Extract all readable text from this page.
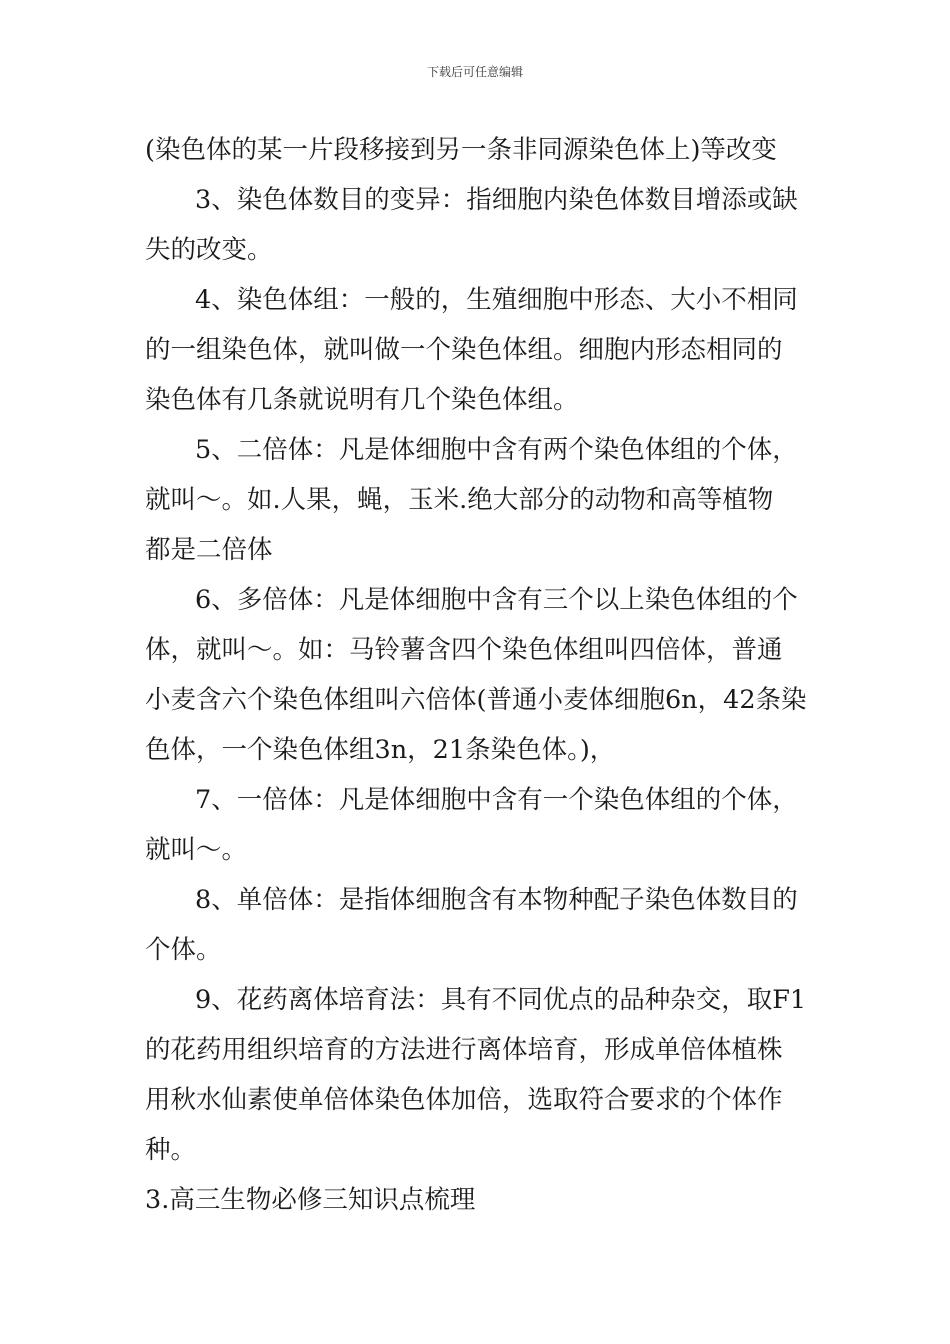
下载后可任意编辑
(染色体的某一片段移接到另一条非同源染色体上)等改变
3、染色体数目的变异：指细胞内染色体数目增添或缺
失的改变。
4、染色体组：一般的，生殖细胞中形态、大小不相同
的一组染色体，就叫做一个染色体组。细胞内形态相同的
染色体有几条就说明有几个染色体组。
5、二倍体：凡是体细胞中含有两个染色体组的个体，
就叫～。如.人果，蝇，玉米.绝大部分的动物和高等植物
都是二倍体
6、多倍体：凡是体细胞中含有三个以上染色体组的个
体，就叫～。如：马铃薯含四个染色体组叫四倍体，普通
小麦含六个染色体组叫六倍体(普通小麦体细胞6n，42条染
色体，一个染色体组3n，21条染色体。)，
7、一倍体：凡是体细胞中含有一个染色体组的个体，
就叫～。
8、单倍体：是指体细胞含有本物种配子染色体数目的
个体。
9、花药离体培育法：具有不同优点的品种杂交，取F1
的花药用组织培育的方法进行离体培育，形成单倍体植株
用秋水仙素使单倍体染色体加倍，选取符合要求的个体作
种。
3.高三生物必修三知识点梳理
